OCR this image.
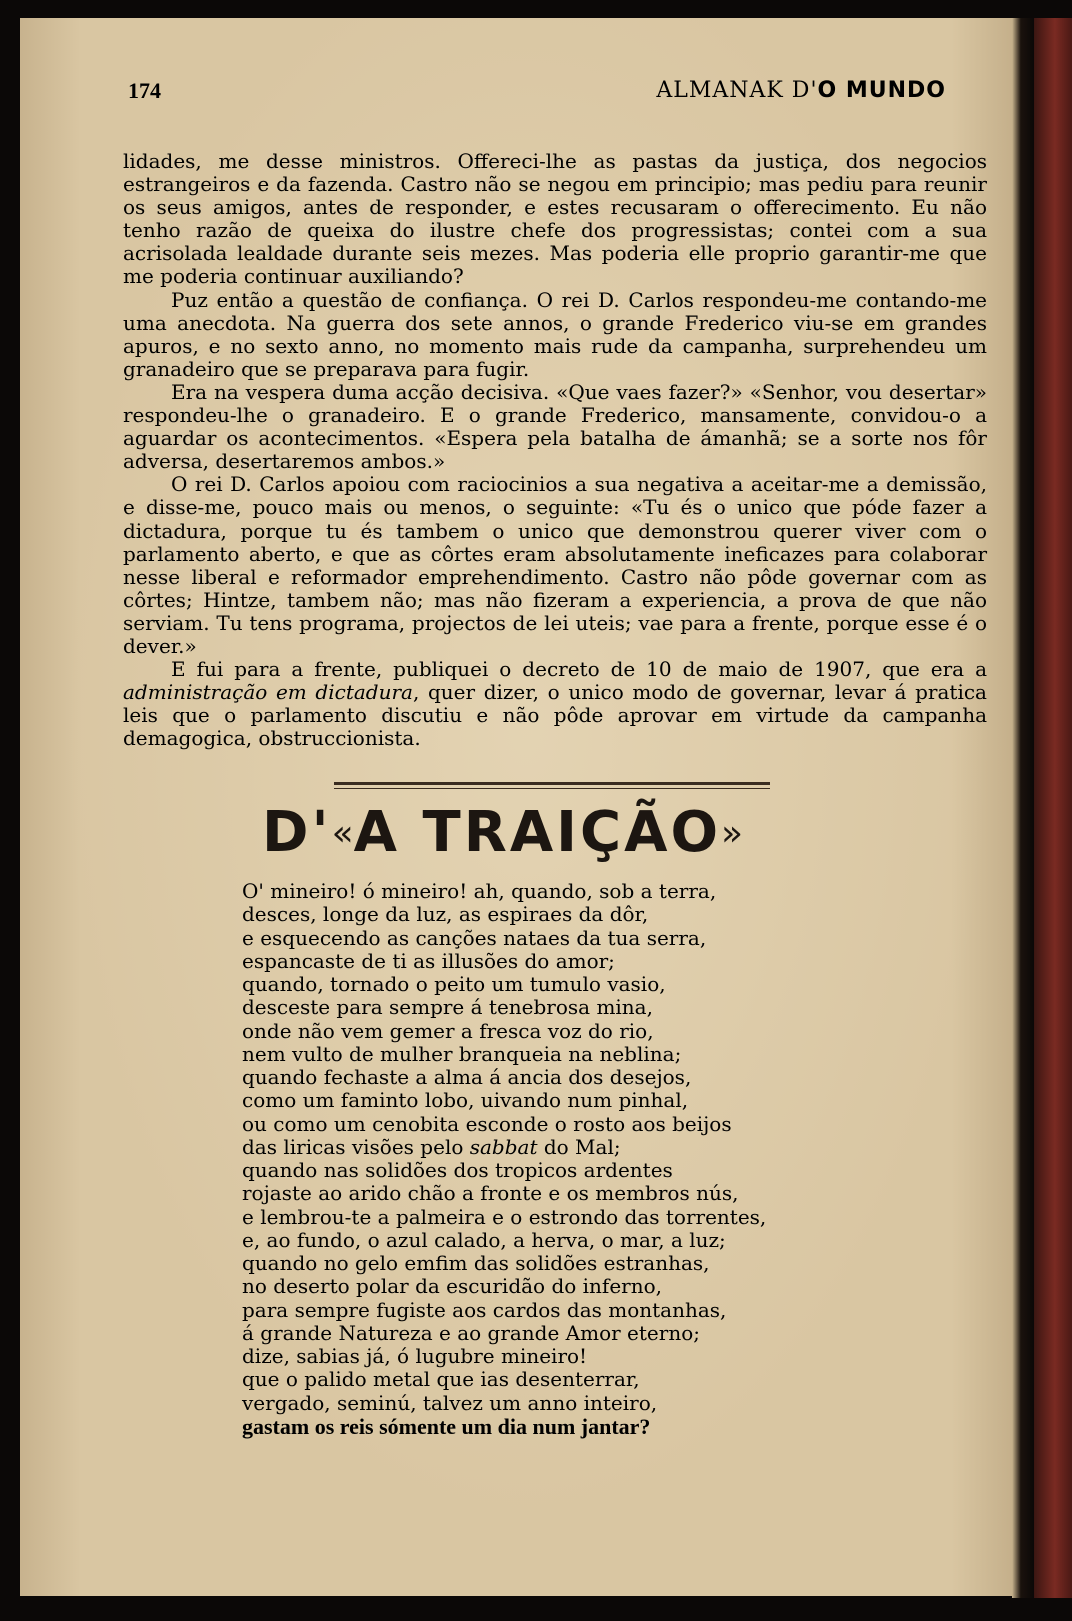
174	ALMANAK D'O MUNDO

lidades, me desse ministros. Offereci-lhe as pastas da justiça, dos negocios estrangeiros e da fazenda. Castro não se negou em principio; mas pediu para reunir os seus amigos, antes de responder, e estes recusaram o offerecimento. Eu não tenho razão de queixa do ilustre chefe dos progressistas; contei com a sua acrisolada lealdade durante seis mezes. Mas poderia elle proprio garantir-me que me poderia continuar auxiliando?

Puz então a questão de confiança. O rei D. Carlos respondeu-me contando-me uma anecdota. Na guerra dos sete annos, o grande Frederico viu-se em grandes apuros, e no sexto anno, no momento mais rude da campanha, surprehendeu um granadeiro que se preparava para fugir.

Era na vespera duma acção decisiva. «Que vaes fazer?» «Senhor, vou desertar» respondeu-lhe o granadeiro. E o grande Frederico, mansamente, convidou-o a aguardar os acontecimentos. «Espera pela batalha de ámanhã; se a sorte nos fôr adversa, desertaremos ambos.»

O rei D. Carlos apoiou com raciocinios a sua negativa a aceitar-me a demissão, e disse-me, pouco mais ou menos, o seguinte: «Tu és o unico que póde fazer a dictadura, porque tu és tambem o unico que demonstrou querer viver com o parlamento aberto, e que as côrtes eram absolutamente ineficazes para colaborar nesse liberal e reformador emprehendimento. Castro não pôde governar com as côrtes; Hintze, tambem não; mas não fizeram a experiencia, a prova de que não serviam. Tu tens programa, projectos de lei uteis; vae para a frente, porque esse é o dever.»

E fui para a frente, publiquei o decreto de 10 de maio de 1907, que era a administração em dictadura, quer dizer, o unico modo de governar, levar á pratica leis que o parlamento discutiu e não pôde aprovar em virtude da campanha demagogica, obstruccionista.

D'«A TRAIÇÃO»
O' mineiro! ó mineiro! ah, quando, sob a terra,
desces, longe da luz, as espiraes da dôr,
e esquecendo as canções nataes da tua serra,
espancaste de ti as illusões do amor;
quando, tornado o peito um tumulo vasio,
desceste para sempre á tenebrosa mina,
onde não vem gemer a fresca voz do rio,
nem vulto de mulher branqueia na neblina;
quando fechaste a alma á ancia dos desejos,
como um faminto lobo, uivando num pinhal,
ou como um cenobita esconde o rosto aos beijos
das liricas visões pelo sabbat do Mal;
quando nas solidões dos tropicos ardentes
rojaste ao arido chão a fronte e os membros nús,
e lembrou-te a palmeira e o estrondo das torrentes,
e, ao fundo, o azul calado, a herva, o mar, a luz;
quando no gelo emfim das solidões estranhas,
no deserto polar da escuridão do inferno,
para sempre fugiste aos cardos das montanhas,
á grande Natureza e ao grande Amor eterno;
dize, sabias já, ó lugubre mineiro!
que o palido metal que ias desenterrar,
vergado, seminú, talvez um anno inteiro,
gastam os reis sómente um dia num jantar?
